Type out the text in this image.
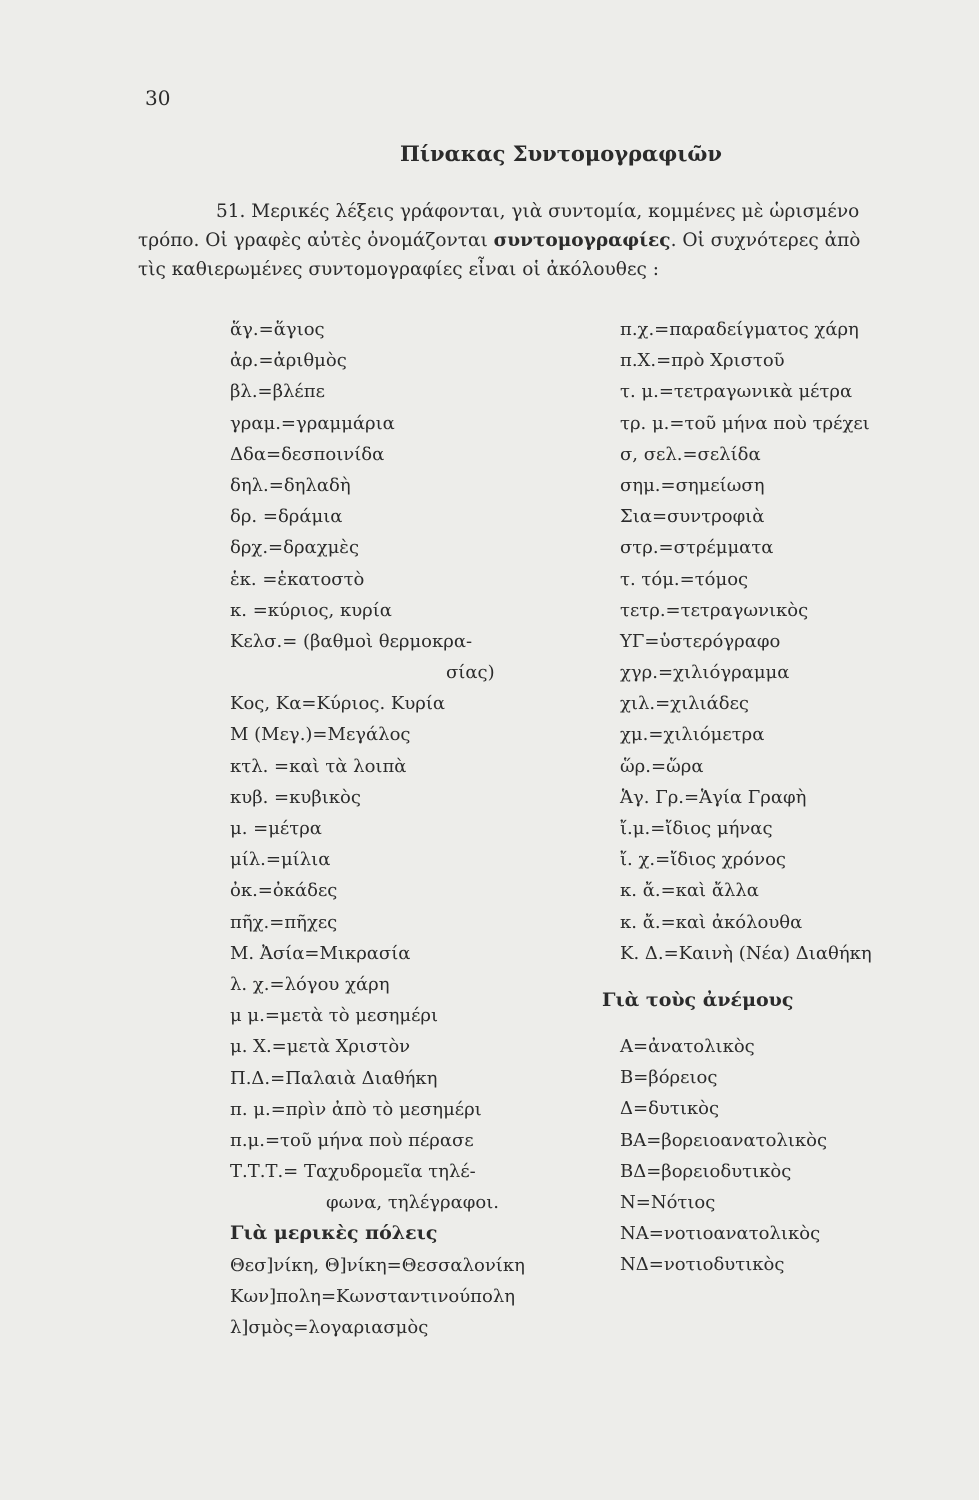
30
Πίνακας Συντομογραφιῶν
51. Μερικές λέξεις γράφονται, γιὰ συντομία, κομμένες μὲ ὡρισμένο
τρόπο. Οἱ γραφὲς αὐτὲς ὀνομάζονται συντομογραφίες. Οἱ συχνότερες ἀπὸ
τὶς καθιερωμένες συντομογραφίες εἶναι οἱ ἀκόλουθες :
ἅγ.=ἅγιος
ἀρ.=ἀριθμὸς
βλ.=βλέπε
γραμ.=γραμμάρια
Δδα=δεσποινίδα
δηλ.=δηλαδὴ
δρ. =δράμια
δρχ.=δραχμὲς
ἑκ. =ἑκατοστὸ
κ. =κύριος, κυρία
Κελσ.= (βαθμοὶ θερμοκρα-
σίας)
Κος, Κα=Κύριος. Κυρία
Μ (Μεγ.)=Μεγάλος
κτλ. =καὶ τὰ λοιπὰ
κυβ. =κυβικὸς
μ. =μέτρα
μίλ.=μίλια
ὀκ.=ὀκάδες
πῆχ.=πῆχες
Μ. Ἀσία=Μικρασία
λ. χ.=λόγου χάρη
μ μ.=μετὰ τὸ μεσημέρι
μ. Χ.=μετὰ Χριστὸν
Π.Δ.=Παλαιὰ Διαθήκη
π. μ.=πρὶν ἀπὸ τὸ μεσημέρι
π.μ.=τοῦ μήνα ποὺ πέρασε
Τ.Τ.Τ.= Ταχυδρομεῖα τηλέ-
φωνα, τηλέγραφοι.
Γιὰ μερικὲς πόλεις
Θεσ]νίκη, Θ]νίκη=Θεσσαλονίκη
Κων]πολη=Κωνσταντινούπολη
λ]σμὸς=λογαριασμὸς
π.χ.=παραδείγματος χάρη
π.Χ.=πρὸ Χριστοῦ
τ. μ.=τετραγωνικὰ μέτρα
τρ. μ.=τοῦ μήνα ποὺ τρέχει
σ, σελ.=σελίδα
σημ.=σημείωση
Σια=συντροφιὰ
στρ.=στρέμματα
τ. τόμ.=τόμος
τετρ.=τετραγωνικὸς
ΥΓ=ὑστερόγραφο
χγρ.=χιλιόγραμμα
χιλ.=χιλιάδες
χμ.=χιλιόμετρα
ὥρ.=ὥρα
Ἁγ. Γρ.=Ἁγία Γραφὴ
ἴ.μ.=ἴδιος μήνας
ἴ. χ.=ἴδιος χρόνος
κ. ἄ.=καὶ ἄλλα
κ. ἄ.=καὶ ἀκόλουθα
Κ. Δ.=Καινὴ (Νέα) Διαθήκη
Γιὰ τοὺς ἀνέμους
Α=ἀνατολικὸς
Β=βόρειος
Δ=δυτικὸς
ΒΑ=βορειοανατολικὸς
ΒΔ=βορειοδυτικὸς
Ν=Νότιος
ΝΑ=νοτιοανατολικὸς
ΝΔ=νοτιοδυτικὸς
